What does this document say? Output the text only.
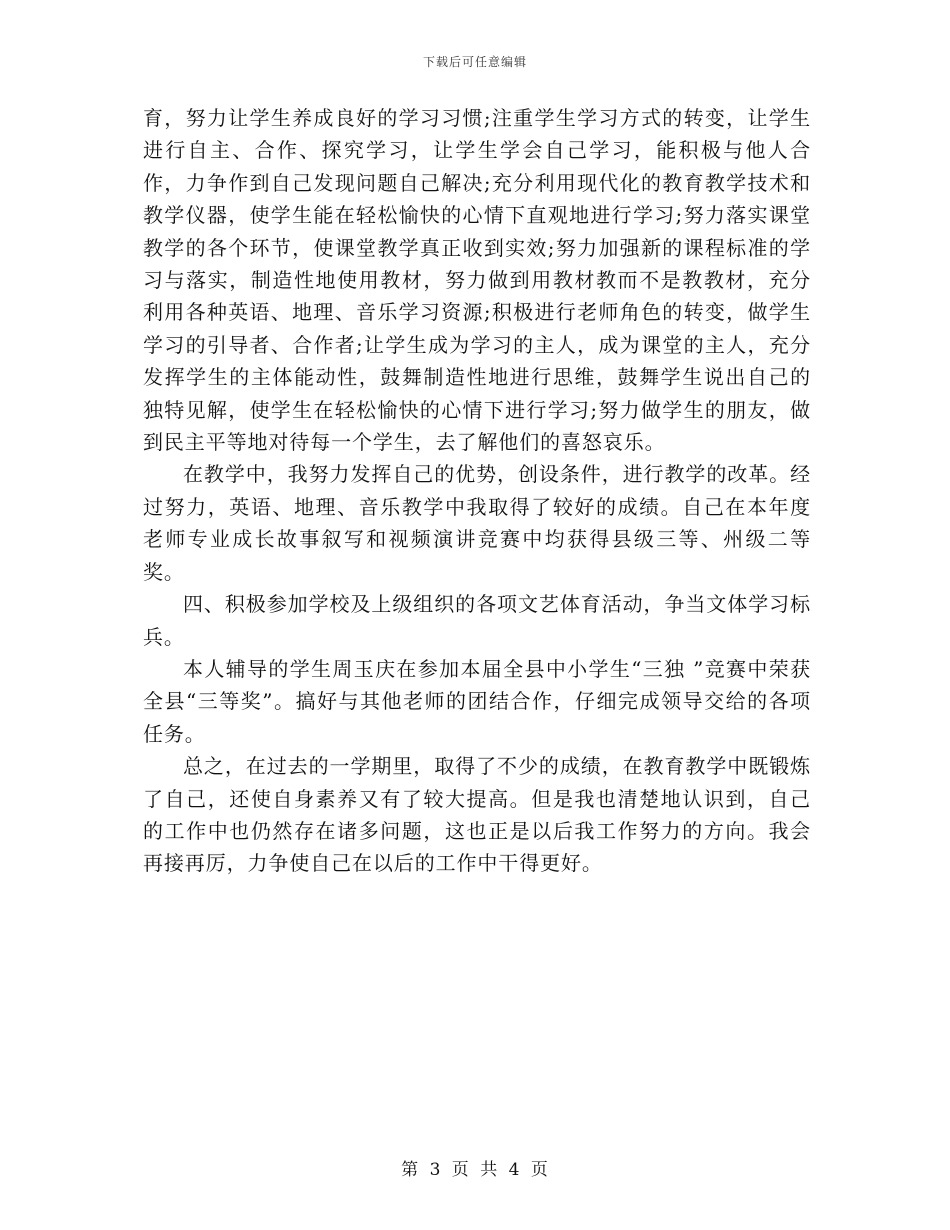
下载后可任意编辑

育，努力让学生养成良好的学习习惯;注重学生学习方式的转变，让学生进行自主、合作、探究学习，让学生学会自己学习，能积极与他人合作，力争作到自己发现问题自己解决;充分利用现代化的教育教学技术和教学仪器，使学生能在轻松愉快的心情下直观地进行学习;努力落实课堂教学的各个环节，使课堂教学真正收到实效;努力加强新的课程标准的学习与落实，制造性地使用教材，努力做到用教材教而不是教教材，充分利用各种英语、地理、音乐学习资源;积极进行老师角色的转变，做学生学习的引导者、合作者;让学生成为学习的主人，成为课堂的主人，充分发挥学生的主体能动性，鼓舞制造性地进行思维，鼓舞学生说出自己的独特见解，使学生在轻松愉快的心情下进行学习;努力做学生的朋友，做到民主平等地对待每一个学生，去了解他们的喜怒哀乐。

在教学中，我努力发挥自己的优势，创设条件，进行教学的改革。经过努力，英语、地理、音乐教学中我取得了较好的成绩。自己在本年度老师专业成长故事叙写和视频演讲竞赛中均获得县级三等、州级二等奖。

四、积极参加学校及上级组织的各项文艺体育活动，争当文体学习标兵。

本人辅导的学生周玉庆在参加本届全县中小学生“三独 ”竞赛中荣获全县“三等奖”。搞好与其他老师的团结合作，仔细完成领导交给的各项任务。

总之，在过去的一学期里，取得了不少的成绩，在教育教学中既锻炼了自己，还使自身素养又有了较大提高。但是我也清楚地认识到，自己的工作中也仍然存在诸多问题，这也正是以后我工作努力的方向。我会再接再厉，力争使自己在以后的工作中干得更好。

第 3 页 共 4 页
